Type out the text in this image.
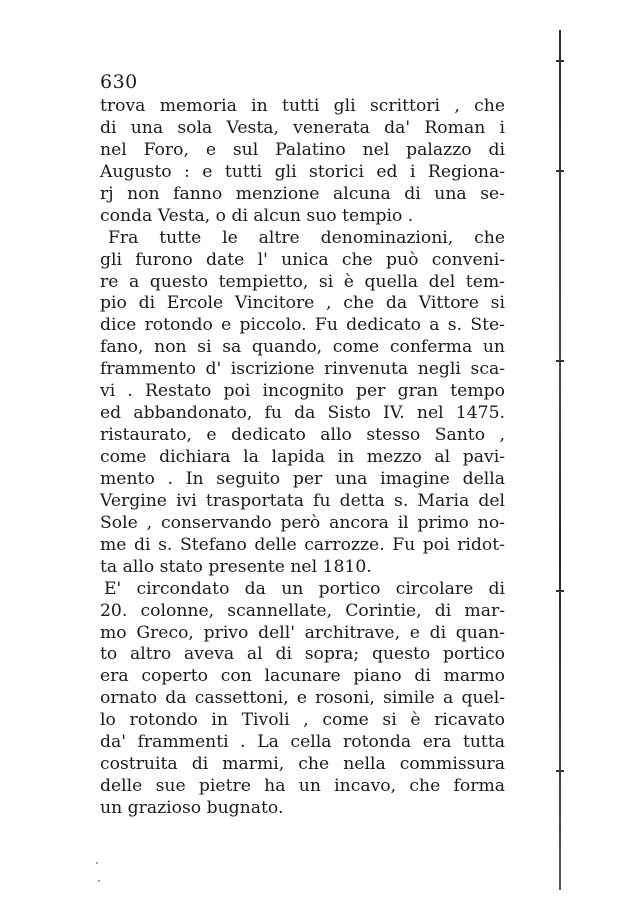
630
trova memoria in tutti gli scrittori , che
di una sola Vesta, venerata da' Roman i
nel Foro, e sul Palatino nel palazzo di
Augusto : e tutti gli storici ed i Regiona-
rj non fanno menzione alcuna di una se-
conda Vesta, o di alcun suo tempio .
Fra tutte le altre denominazioni, che
gli furono date l' unica che può conveni-
re a questo tempietto, si è quella del tem-
pio di Ercole Vincitore , che da Vittore si
dice rotondo e piccolo. Fu dedicato a s. Ste-
fano, non si sa quando, come conferma un
frammento d' iscrizione rinvenuta negli sca-
vi . Restato poi incognito per gran tempo
ed abbandonato, fu da Sisto IV. nel 1475.
ristaurato, e dedicato allo stesso Santo ,
come dichiara la lapida in mezzo al pavi-
mento . In seguito per una imagine della
Vergine ivi trasportata fu detta s. Maria del
Sole , conservando però ancora il primo no-
me di s. Stefano delle carrozze. Fu poi ridot-
ta allo stato presente nel 1810.
E' circondato da un portico circolare di
20. colonne, scannellate, Corintie, di mar-
mo Greco, privo dell' architrave, e di quan-
to altro aveva al di sopra; questo portico
era coperto con lacunare piano di marmo
ornato da cassettoni, e rosoni, simile a quel-
lo rotondo in Tivoli , come si è ricavato
da' frammenti . La cella rotonda era tutta
costruita di marmi, che nella commissura
delle sue pietre ha un incavo, che forma
un grazioso bugnato.
